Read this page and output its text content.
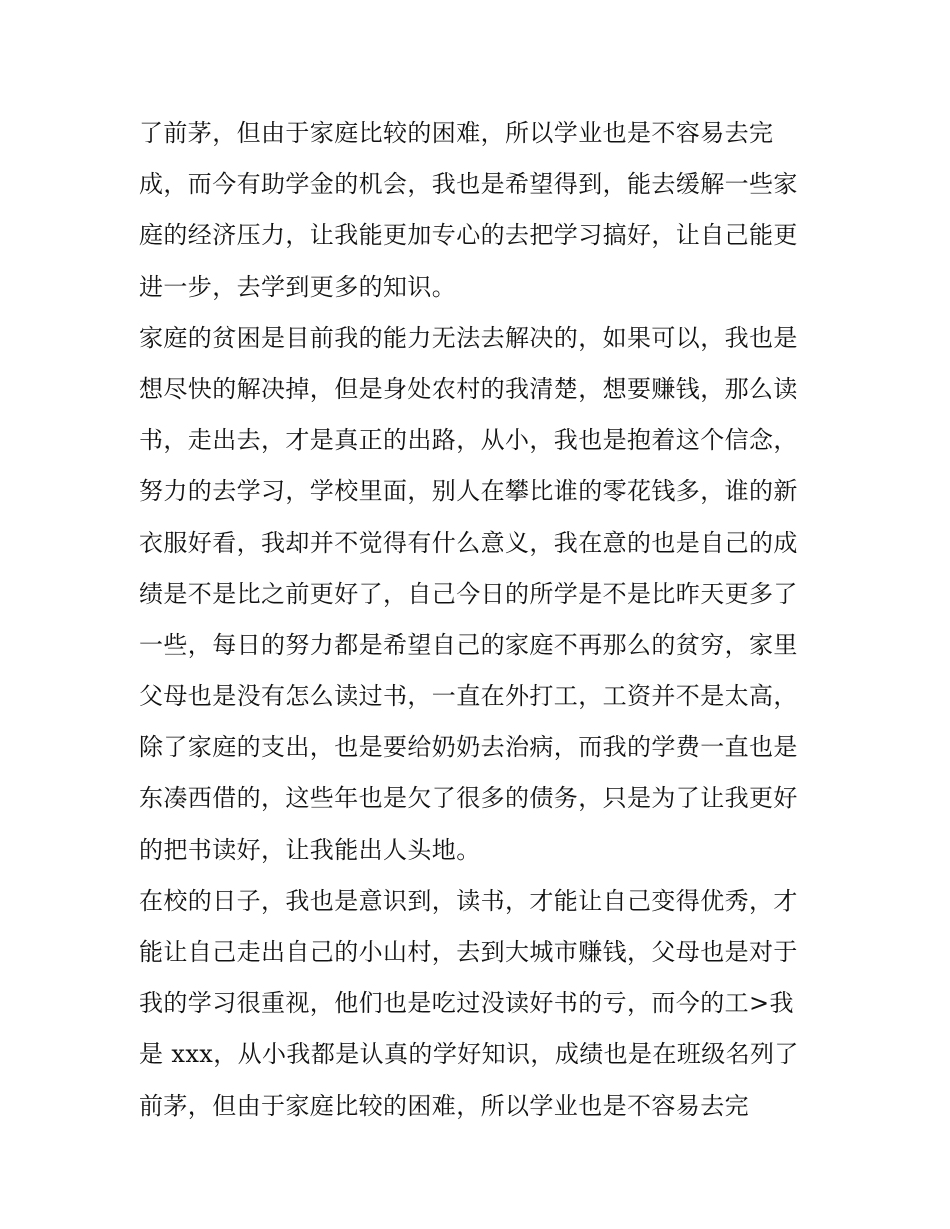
了前茅，但由于家庭比较的困难，所以学业也是不容易去完
成，而今有助学金的机会，我也是希望得到，能去缓解一些家
庭的经济压力，让我能更加专心的去把学习搞好，让自己能更
进一步，去学到更多的知识。
家庭的贫困是目前我的能力无法去解决的，如果可以，我也是
想尽快的解决掉，但是身处农村的我清楚，想要赚钱，那么读
书，走出去，才是真正的出路，从小，我也是抱着这个信念，
努力的去学习，学校里面，别人在攀比谁的零花钱多，谁的新
衣服好看，我却并不觉得有什么意义，我在意的也是自己的成
绩是不是比之前更好了，自己今日的所学是不是比昨天更多了
一些，每日的努力都是希望自己的家庭不再那么的贫穷，家里
父母也是没有怎么读过书，一直在外打工，工资并不是太高，
除了家庭的支出，也是要给奶奶去治病，而我的学费一直也是
东凑西借的，这些年也是欠了很多的债务，只是为了让我更好
的把书读好，让我能出人头地。
在校的日子，我也是意识到，读书，才能让自己变得优秀，才
能让自己走出自己的小山村，去到大城市赚钱，父母也是对于
我的学习很重视，他们也是吃过没读好书的亏，而今的工>我
是 xxx，从小我都是认真的学好知识，成绩也是在班级名列了
前茅，但由于家庭比较的困难，所以学业也是不容易去完
